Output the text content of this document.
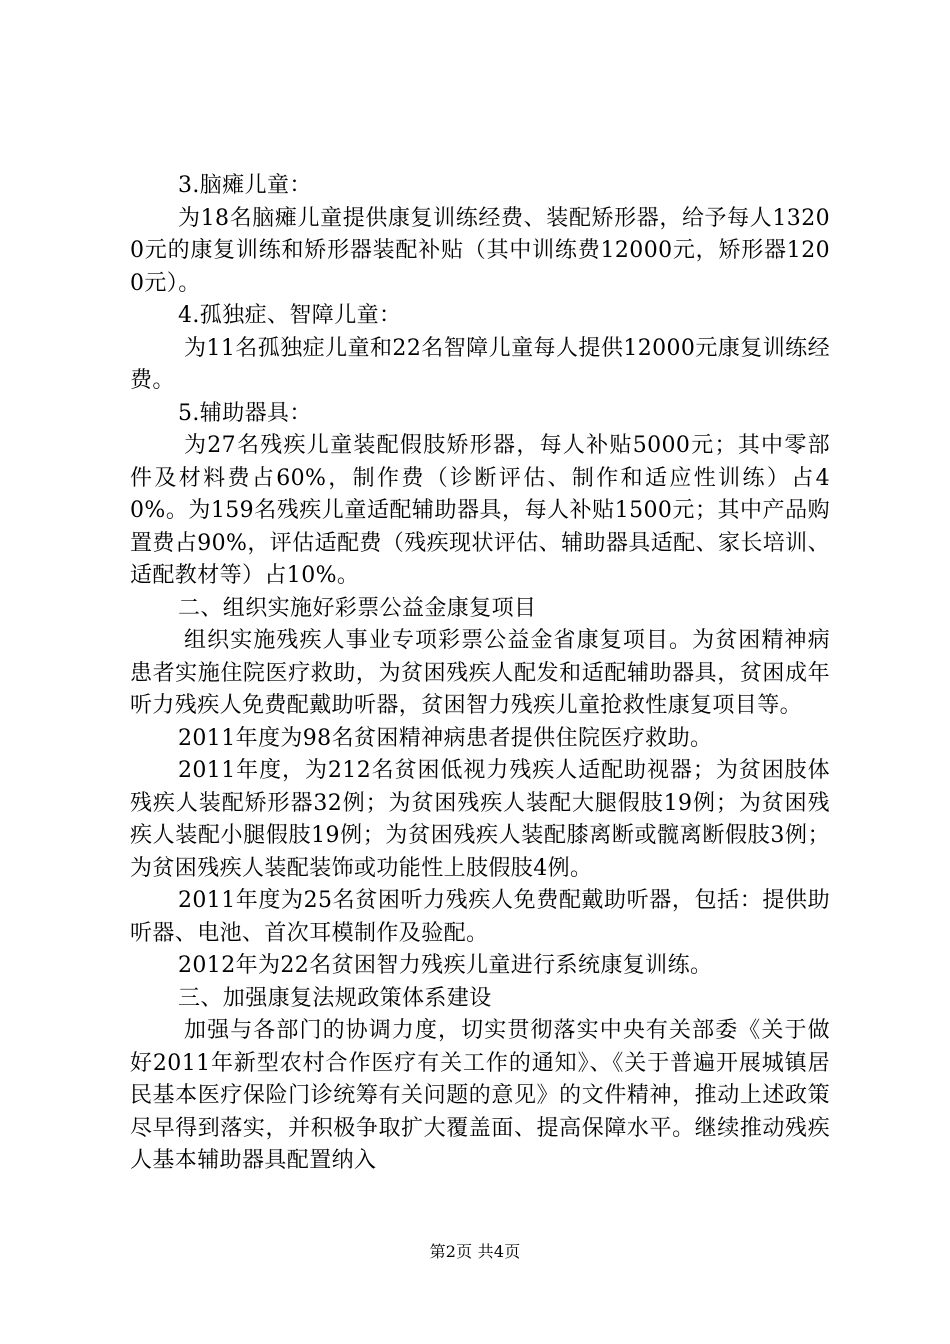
3.脑瘫儿童：

为18名脑瘫儿童提供康复训练经费、装配矫形器，给予每人13200元的康复训练和矫形器装配补贴（其中训练费12000元，矫形器1200元）。

4.孤独症、智障儿童：

为11名孤独症儿童和22名智障儿童每人提供12000元康复训练经费。

5.辅助器具：

为27名残疾儿童装配假肢矫形器，每人补贴5000元；其中零部件及材料费占60%，制作费（诊断评估、制作和适应性训练）占40%。为159名残疾儿童适配辅助器具，每人补贴1500元；其中产品购置费占90%，评估适配费（残疾现状评估、辅助器具适配、家长培训、适配教材等）占10%。

二、组织实施好彩票公益金康复项目

组织实施残疾人事业专项彩票公益金省康复项目。为贫困精神病患者实施住院医疗救助，为贫困残疾人配发和适配辅助器具，贫困成年听力残疾人免费配戴助听器，贫困智力残疾儿童抢救性康复项目等。

2011年度为98名贫困精神病患者提供住院医疗救助。

2011年度，为212名贫困低视力残疾人适配助视器；为贫困肢体残疾人装配矫形器32例；为贫困残疾人装配大腿假肢19例；为贫困残疾人装配小腿假肢19例；为贫困残疾人装配膝离断或髋离断假肢3例；为贫困残疾人装配装饰或功能性上肢假肢4例。

2011年度为25名贫困听力残疾人免费配戴助听器，包括：提供助听器、电池、首次耳模制作及验配。

2012年为22名贫困智力残疾儿童进行系统康复训练。

三、加强康复法规政策体系建设

加强与各部门的协调力度，切实贯彻落实中央有关部委《关于做好2011年新型农村合作医疗有关工作的通知》、《关于普遍开展城镇居民基本医疗保险门诊统筹有关问题的意见》的文件精神，推动上述政策尽早得到落实，并积极争取扩大覆盖面、提高保障水平。继续推动残疾人基本辅助器具配置纳入

第2页 共4页
